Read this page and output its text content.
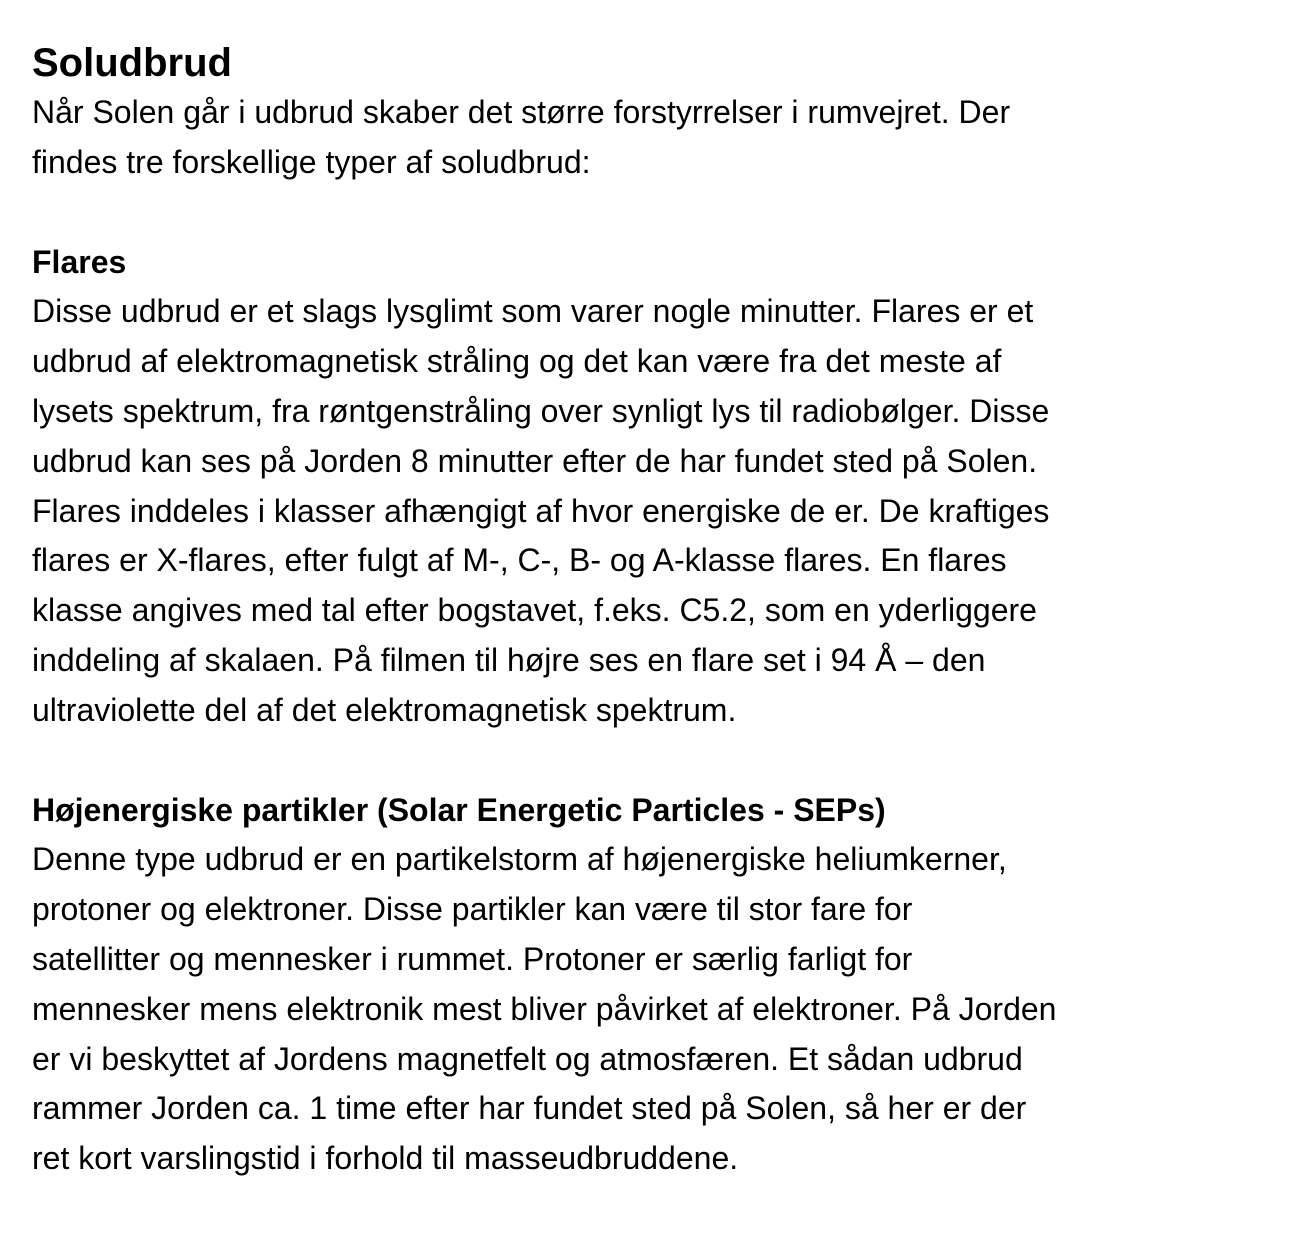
Soludbrud
Når Solen går i udbrud skaber det større forstyrrelser i rumvejret. Der
findes tre forskellige typer af soludbrud:
Flares
Disse udbrud er et slags lysglimt som varer nogle minutter. Flares er et
udbrud af elektromagnetisk stråling og det kan være fra det meste af
lysets spektrum, fra røntgenstråling over synligt lys til radiobølger. Disse
udbrud kan ses på Jorden 8 minutter efter de har fundet sted på Solen.
Flares inddeles i klasser afhængigt af hvor energiske de er. De kraftiges
flares er X-flares, efter fulgt af M-, C-, B- og A-klasse flares. En flares
klasse angives med tal efter bogstavet, f.eks. C5.2, som en yderliggere
inddeling af skalaen. På filmen til højre ses en flare set i 94 Å – den
ultraviolette del af det elektromagnetisk spektrum.
Højenergiske partikler (Solar Energetic Particles - SEPs)
Denne type udbrud er en partikelstorm af højenergiske heliumkerner,
protoner og elektroner. Disse partikler kan være til stor fare for
satellitter og mennesker i rummet. Protoner er særlig farligt for
mennesker mens elektronik mest bliver påvirket af elektroner. På Jorden
er vi beskyttet af Jordens magnetfelt og atmosfæren. Et sådan udbrud
rammer Jorden ca. 1 time efter har fundet sted på Solen, så her er der
ret kort varslingstid i forhold til masseudbruddene.
